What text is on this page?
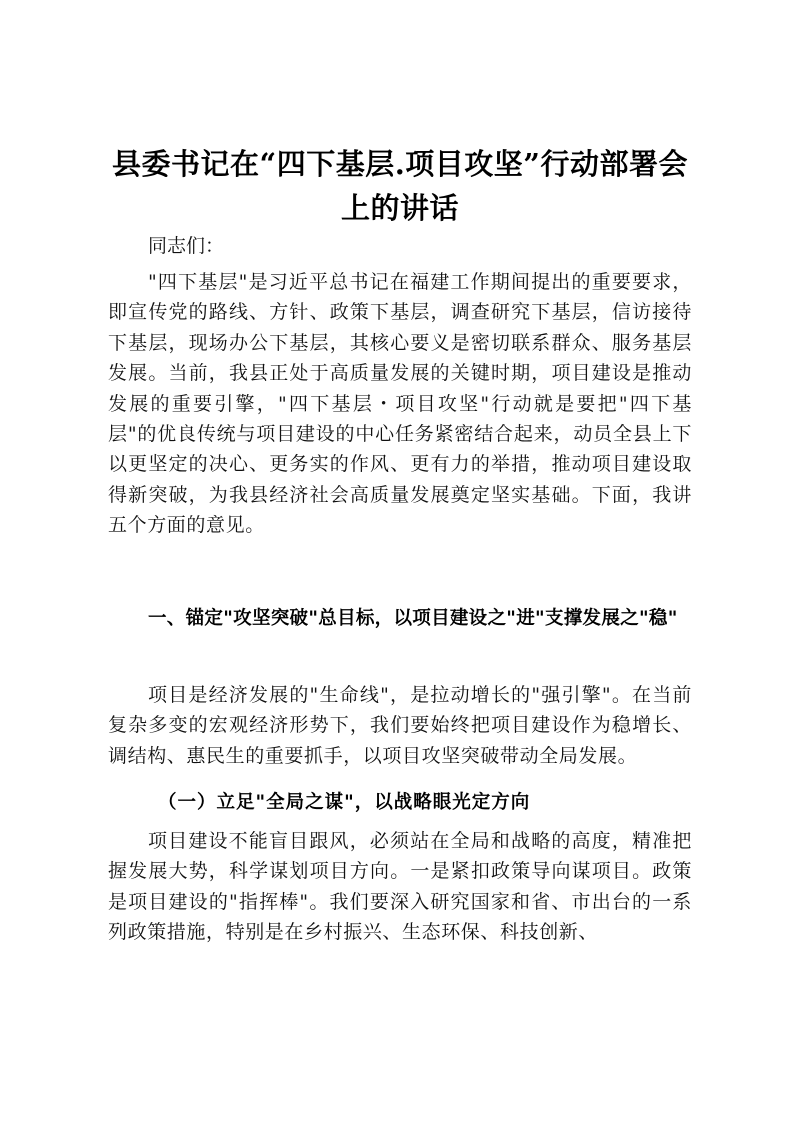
县委书记在“四下基层.项目攻坚”行动部署会上的讲话

同志们：

"四下基层"是习近平总书记在福建工作期间提出的重要要求，即宣传党的路线、方针、政策下基层，调查研究下基层，信访接待下基层，现场办公下基层，其核心要义是密切联系群众、服务基层发展。当前，我县正处于高质量发展的关键时期，项目建设是推动发展的重要引擎，"四下基层・项目攻坚"行动就是要把"四下基层"的优良传统与项目建设的中心任务紧密结合起来，动员全县上下以更坚定的决心、更务实的作风、更有力的举措，推动项目建设取得新突破，为我县经济社会高质量发展奠定坚实基础。下面，我讲五个方面的意见。

一、锚定"攻坚突破"总目标，以项目建设之"进"支撑发展之"稳"

项目是经济发展的"生命线"，是拉动增长的"强引擎"。在当前复杂多变的宏观经济形势下，我们要始终把项目建设作为稳增长、调结构、惠民生的重要抓手，以项目攻坚突破带动全局发展。

（一）立足"全局之谋"，以战略眼光定方向

项目建设不能盲目跟风，必须站在全局和战略的高度，精准把握发展大势，科学谋划项目方向。一是紧扣政策导向谋项目。政策是项目建设的"指挥棒"。我们要深入研究国家和省、市出台的一系列政策措施，特别是在乡村振兴、生态环保、科技创新、
